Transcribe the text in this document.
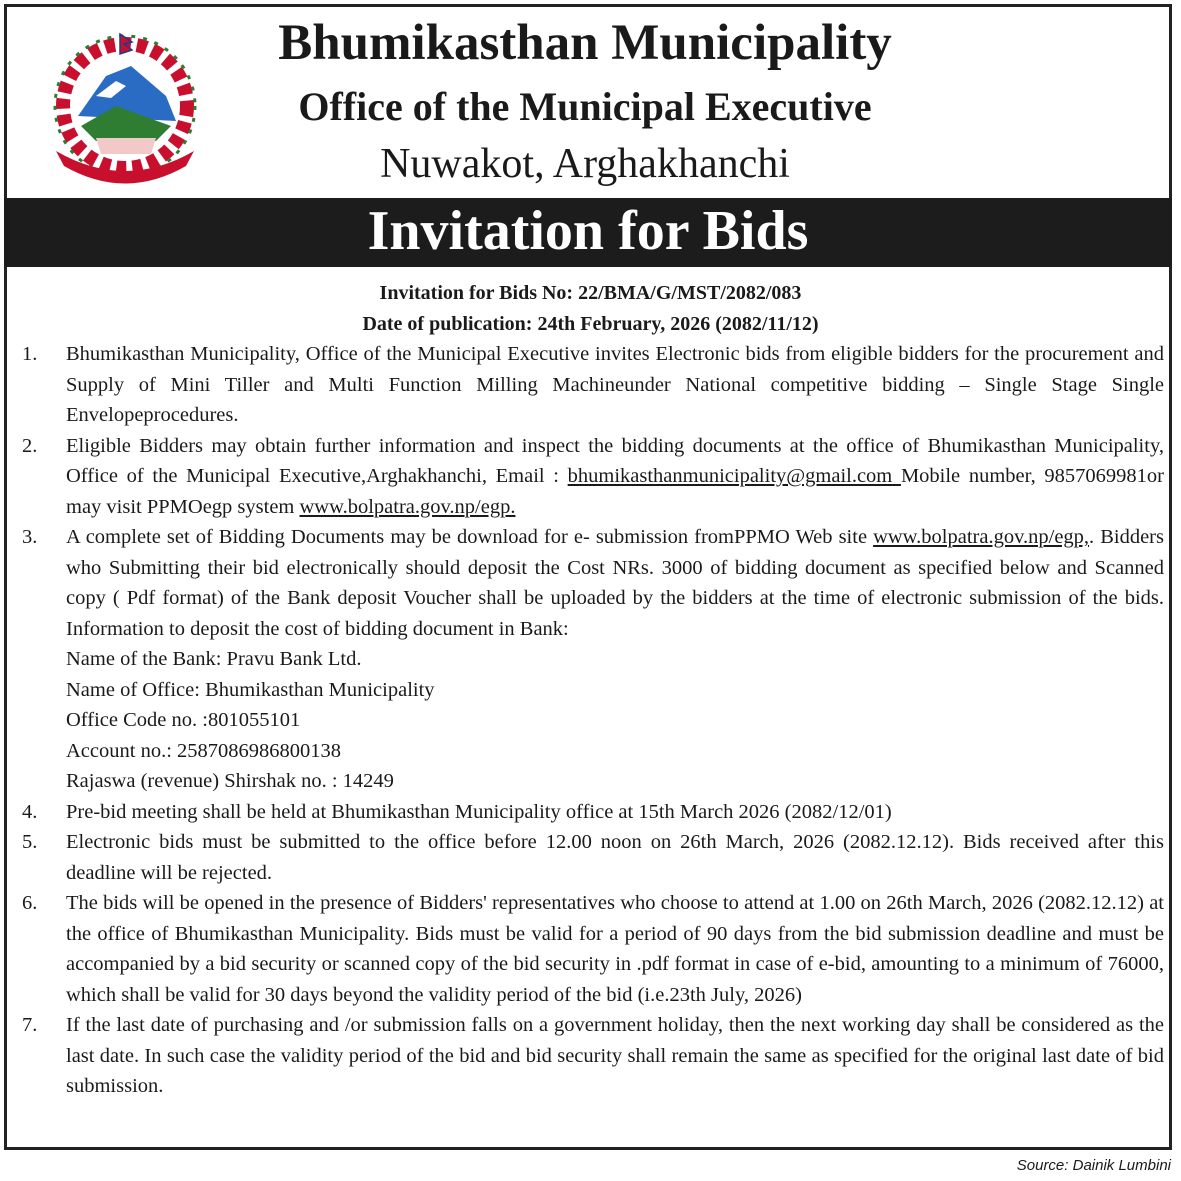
Bhumikasthan Municipality
Office of the Municipal Executive
Nuwakot, Arghakhanchi
Invitation for Bids
Invitation for Bids No: 22/BMA/G/MST/2082/083
Date of publication: 24th February, 2026 (2082/11/12)
1. Bhumikasthan Municipality, Office of the Municipal Executive invites Electronic bids from eligible bidders for the procurement and Supply of Mini Tiller and Multi Function Milling Machineunder National competitive bidding – Single Stage Single Envelopeprocedures.
2. Eligible Bidders may obtain further information and inspect the bidding documents at the office of Bhumikasthan Municipality, Office of the Municipal Executive,Arghakhanchi, Email : bhumikasthanmunicipality@gmail.com Mobile number, 9857069981or may visit PPMOegp system www.bolpatra.gov.np/egp.
3. A complete set of Bidding Documents may be download for e- submission fromPPMO Web site www.bolpatra.gov.np/egp,. Bidders who Submitting their bid electronically should deposit the Cost NRs. 3000 of bidding document as specified below and Scanned copy ( Pdf format) of the Bank deposit Voucher shall be uploaded by the bidders at the time of electronic submission of the bids. Information to deposit the cost of bidding document in Bank:
Name of the Bank: Pravu Bank Ltd.
Name of Office: Bhumikasthan Municipality
Office Code no. :801055101
Account no.: 2587086986800138
Rajaswa (revenue) Shirshak no. : 14249
4. Pre-bid meeting shall be held at Bhumikasthan Municipality office at 15th March 2026 (2082/12/01)
5. Electronic bids must be submitted to the office before 12.00 noon on 26th March, 2026 (2082.12.12). Bids received after this deadline will be rejected.
6. The bids will be opened in the presence of Bidders' representatives who choose to attend at 1.00 on 26th March, 2026 (2082.12.12) at the office of Bhumikasthan Municipality. Bids must be valid for a period of 90 days from the bid submission deadline and must be accompanied by a bid security or scanned copy of the bid security in .pdf format in case of e-bid, amounting to a minimum of 76000, which shall be valid for 30 days beyond the validity period of the bid (i.e.23th July, 2026)
7. If the last date of purchasing and /or submission falls on a government holiday, then the next working day shall be considered as the last date. In such case the validity period of the bid and bid security shall remain the same as specified for the original last date of bid submission.
Source: Dainik Lumbini
